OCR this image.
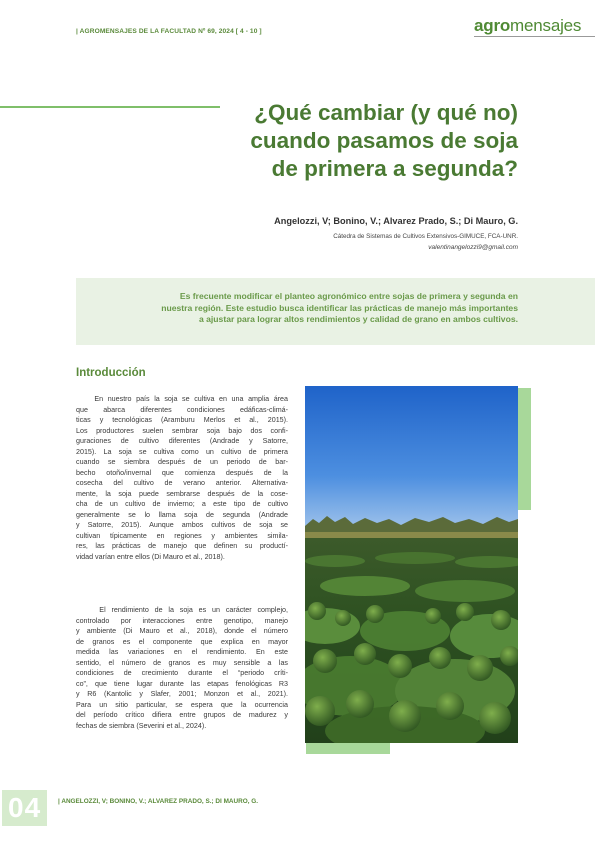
| AGROMENSAJES DE LA FACULTAD Nº 69, 2024 [ 4 - 10 ]	agromensajes
¿Qué cambiar (y qué no)
cuando pasamos de soja
de primera a segunda?
Angelozzi, V; Bonino, V.; Alvarez Prado, S.; Di Mauro, G.
Cátedra de Sistemas de Cultivos Extensivos-GIMUCE, FCA-UNR.
valentinangelozzi9@gmail.com
Es frecuente modificar el planteo agronómico entre sojas de primera y segunda en
nuestra región. Este estudio busca identificar las prácticas de manejo más importantes
a ajustar para lograr altos rendimientos y calidad de grano en ambos cultivos.
Introducción
En nuestro país la soja se cultiva en una amplia área
que abarca diferentes condiciones edáficas-climá-
ticas y tecnológicas (Aramburu Merlos et al., 2015).
Los productores suelen sembrar soja bajo dos confi-
guraciones de cultivo diferentes (Andrade y Satorre,
2015). La soja se cultiva como un cultivo de primera
cuando se siembra después de un periodo de bar-
becho otoño/invernal que comienza después de la
cosecha del cultivo de verano anterior. Alternativa-
mente, la soja puede sembrarse después de la cose-
cha de un cultivo de invierno; a este tipo de cultivo
generalmente se lo llama soja de segunda (Andrade
y Satorre, 2015). Aunque ambos cultivos de soja se
cultivan típicamente en regiones y ambientes simila-
res, las prácticas de manejo que definen su productí-
vidad varían entre ellos (Di Mauro et al., 2018).
El rendimiento de la soja es un carácter complejo,
controlado por interacciones entre genotipo, manejo
y ambiente (Di Mauro et al., 2018), donde el número
de granos es el componente que explica en mayor
medida las variaciones en el rendimiento. En este
sentido, el número de granos es muy sensible a las
condiciones de crecimiento durante el “periodo críti-
co”, que tiene lugar durante las etapas fenológicas R3
y R6 (Kantolic y Slafer, 2001; Monzon et al., 2021).
Para un sitio particular, se espera que la ocurrencia
del período crítico difiera entre grupos de madurez y
fechas de siembra (Severini et al., 2024).
04	| ANGELOZZI, V; BONINO, V.; ALVAREZ PRADO, S.; DI MAURO, G.
